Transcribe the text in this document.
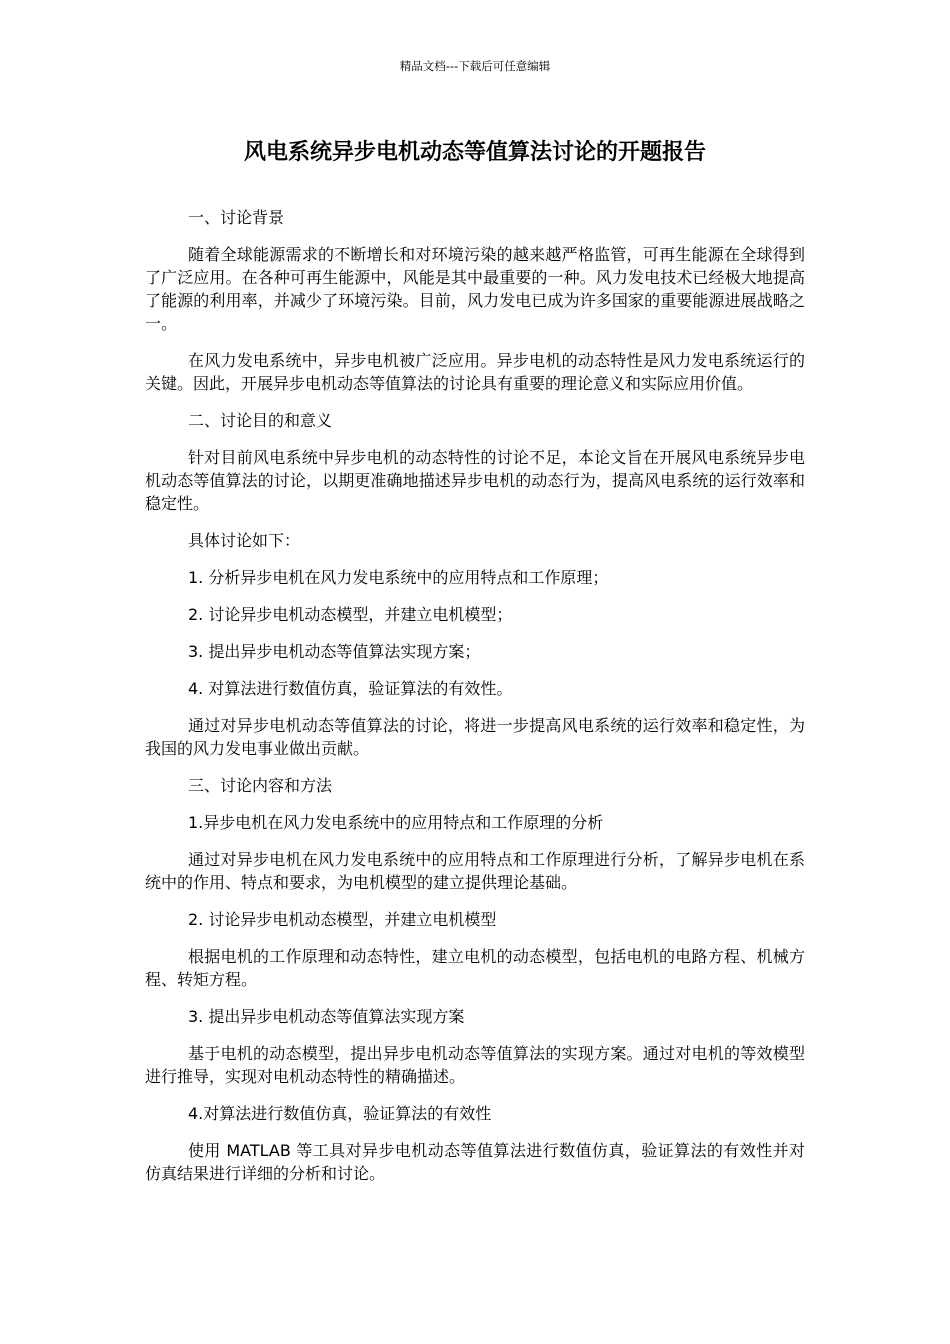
精品文档---下载后可任意编辑
风电系统异步电机动态等值算法讨论的开题报告

一、讨论背景

随着全球能源需求的不断增长和对环境污染的越来越严格监管，可再生能源在全球得到了广泛应用。在各种可再生能源中，风能是其中最重要的一种。风力发电技术已经极大地提高了能源的利用率，并减少了环境污染。目前，风力发电已成为许多国家的重要能源进展战略之一。

在风力发电系统中，异步电机被广泛应用。异步电机的动态特性是风力发电系统运行的关键。因此，开展异步电机动态等值算法的讨论具有重要的理论意义和实际应用价值。

二、讨论目的和意义

针对目前风电系统中异步电机的动态特性的讨论不足，本论文旨在开展风电系统异步电机动态等值算法的讨论，以期更准确地描述异步电机的动态行为，提高风电系统的运行效率和稳定性。

具体讨论如下：

1. 分析异步电机在风力发电系统中的应用特点和工作原理；

2. 讨论异步电机动态模型，并建立电机模型；

3. 提出异步电机动态等值算法实现方案；

4. 对算法进行数值仿真，验证算法的有效性。

通过对异步电机动态等值算法的讨论，将进一步提高风电系统的运行效率和稳定性，为我国的风力发电事业做出贡献。

三、讨论内容和方法

1.异步电机在风力发电系统中的应用特点和工作原理的分析

通过对异步电机在风力发电系统中的应用特点和工作原理进行分析，了解异步电机在系统中的作用、特点和要求，为电机模型的建立提供理论基础。

2. 讨论异步电机动态模型，并建立电机模型

根据电机的工作原理和动态特性，建立电机的动态模型，包括电机的电路方程、机械方程、转矩方程。

3. 提出异步电机动态等值算法实现方案

基于电机的动态模型，提出异步电机动态等值算法的实现方案。通过对电机的等效模型进行推导，实现对电机动态特性的精确描述。

4.对算法进行数值仿真，验证算法的有效性

使用 MATLAB 等工具对异步电机动态等值算法进行数值仿真，验证算法的有效性并对仿真结果进行详细的分析和讨论。
